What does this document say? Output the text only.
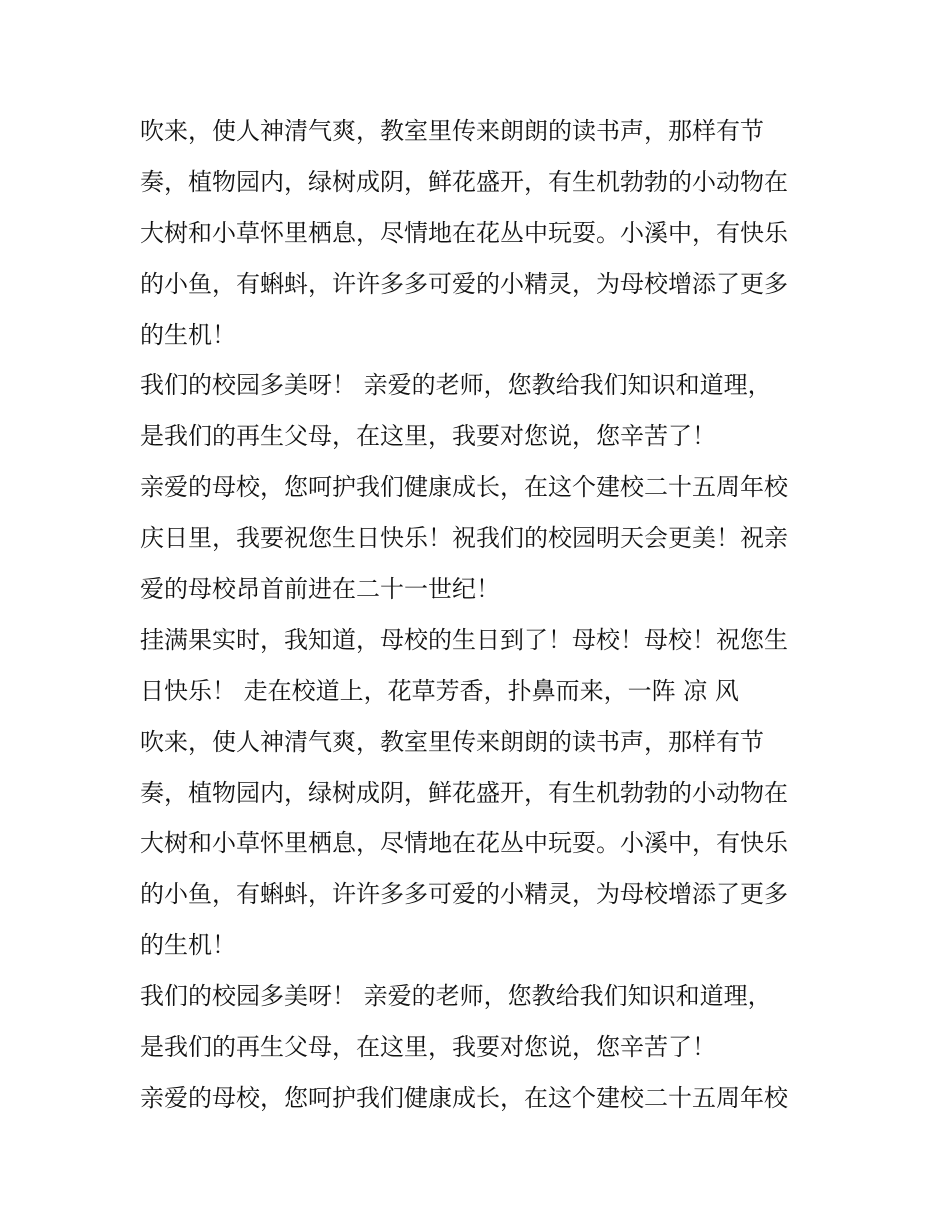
吹来，使人神清气爽，教室里传来朗朗的读书声，那样有节
奏，植物园内，绿树成阴，鲜花盛开，有生机勃勃的小动物在
大树和小草怀里栖息，尽情地在花丛中玩耍。小溪中，有快乐
的小鱼，有蝌蚪，许许多多可爱的小精灵，为母校增添了更多
的生机！
我们的校园多美呀！ 亲爱的老师，您教给我们知识和道理，
是我们的再生父母，在这里，我要对您说，您辛苦了！
亲爱的母校，您呵护我们健康成长，在这个建校二十五周年校
庆日里，我要祝您生日快乐！祝我们的校园明天会更美！祝亲
爱的母校昂首前进在二十一世纪！
挂满果实时，我知道，母校的生日到了！母校！母校！祝您生
日快乐！ 走在校道上，花草芳香，扑鼻而来，一阵 凉 风
吹来，使人神清气爽，教室里传来朗朗的读书声，那样有节
奏，植物园内，绿树成阴，鲜花盛开，有生机勃勃的小动物在
大树和小草怀里栖息，尽情地在花丛中玩耍。小溪中，有快乐
的小鱼，有蝌蚪，许许多多可爱的小精灵，为母校增添了更多
的生机！
我们的校园多美呀！ 亲爱的老师，您教给我们知识和道理，
是我们的再生父母，在这里，我要对您说，您辛苦了！
亲爱的母校，您呵护我们健康成长，在这个建校二十五周年校
